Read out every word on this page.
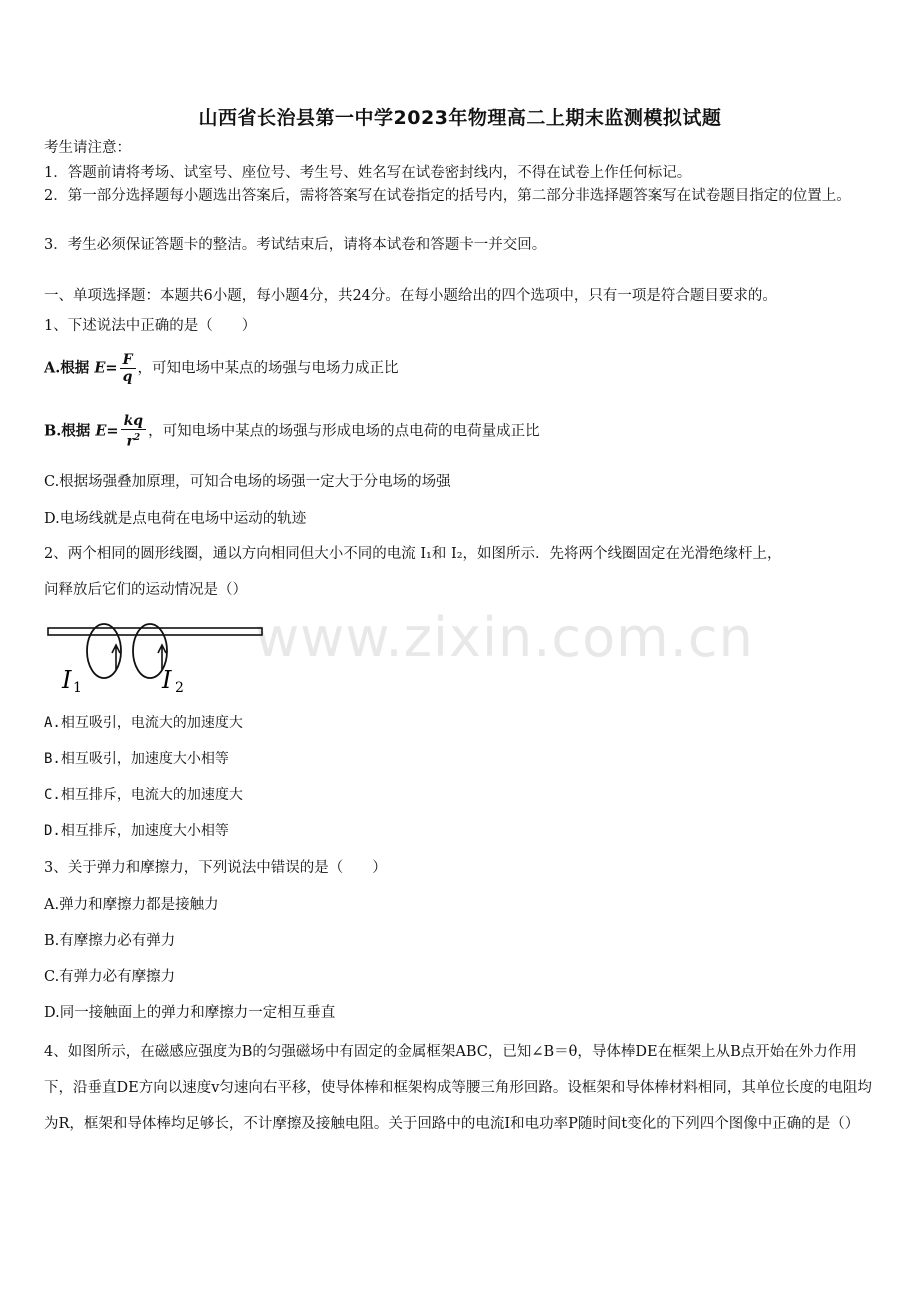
山西省长治县第一中学2023年物理高二上期末监测模拟试题
考生请注意：
1．答题前请将考场、试室号、座位号、考生号、姓名写在试卷密封线内，不得在试卷上作任何标记。
2．第一部分选择题每小题选出答案后，需将答案写在试卷指定的括号内，第二部分非选择题答案写在试卷题目指定的位置上。
3．考生必须保证答题卡的整洁。考试结束后，请将本试卷和答题卡一并交回。
一、单项选择题：本题共6小题，每小题4分，共24分。在每小题给出的四个选项中，只有一项是符合题目要求的。
1、下述说法中正确的是（　　）
A.根据 $E= \frac{F}{q}$ ，可知电场中某点的场强与电场力成正比
B.根据 $E= \frac{kq}{r^2}$ ，可知电场中某点的场强与形成电场的点电荷的电荷量成正比
C.根据场强叠加原理，可知合电场的场强一定大于分电场的场强
D.电场线就是点电荷在电场中运动的轨迹
2、两个相同的圆形线圈，通以方向相同但大小不同的电流 I₁和 I₂，如图所示．先将两个线圈固定在光滑绝缘杆上，
问释放后它们的运动情况是（）
www.zixin.com.cn
I 1	I 2
A.相互吸引，电流大的加速度大
B.相互吸引，加速度大小相等
C.相互排斥，电流大的加速度大
D.相互排斥，加速度大小相等
3、关于弹力和摩擦力，下列说法中错误的是（　　）
A.弹力和摩擦力都是接触力
B.有摩擦力必有弹力
C.有弹力必有摩擦力
D.同一接触面上的弹力和摩擦力一定相互垂直
4、如图所示，在磁感应强度为B的匀强磁场中有固定的金属框架ABC，已知∠B＝θ，导体棒DE在框架上从B点开始在外力作用下，沿垂直DE方向以速度v匀速向右平移，使导体棒和框架构成等腰三角形回路。设框架和导体棒材料相同，其单位长度的电阻均为R，框架和导体棒均足够长，不计摩擦及接触电阻。关于回路中的电流I和电功率P随时间t变化的下列四个图像中正确的是（）
